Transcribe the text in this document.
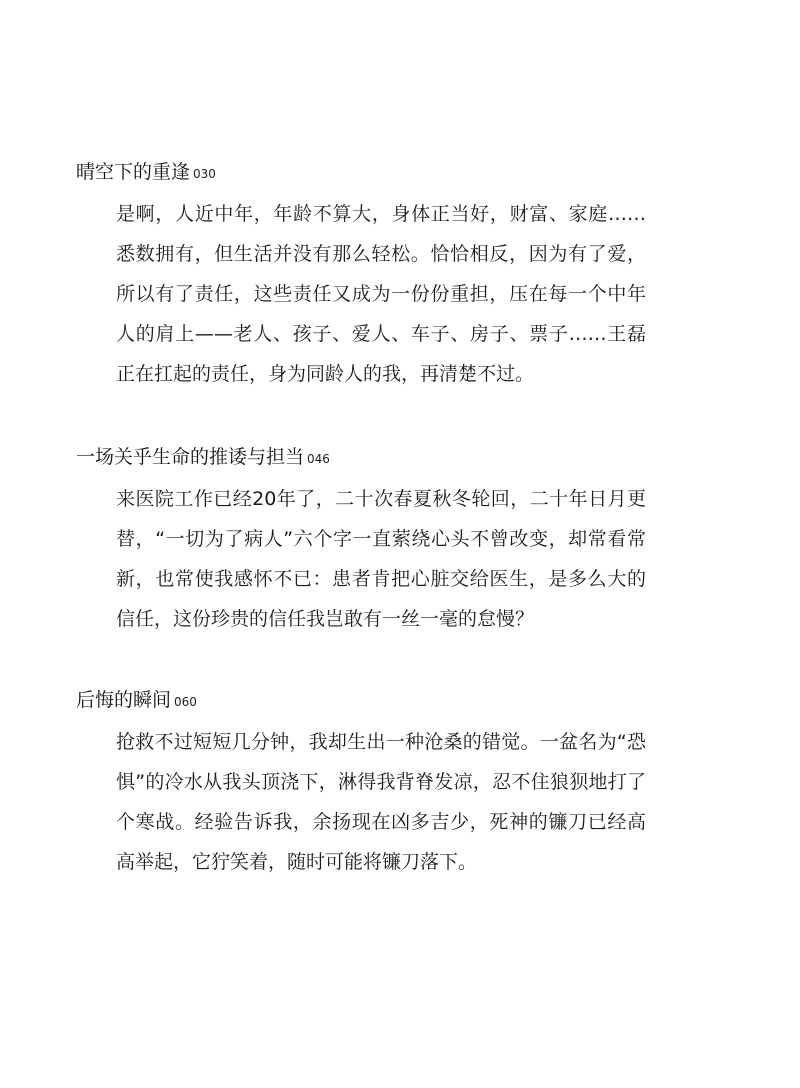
晴空下的重逢 030

是啊，人近中年，年龄不算大，身体正当好，财富、家庭……悉数拥有，但生活并没有那么轻松。恰恰相反，因为有了爱，所以有了责任，这些责任又成为一份份重担，压在每一个中年人的肩上——老人、孩子、爱人、车子、房子、票子……王磊正在扛起的责任，身为同龄人的我，再清楚不过。

一场关乎生命的推诿与担当 046

来医院工作已经20年了，二十次春夏秋冬轮回，二十年日月更替，“一切为了病人”六个字一直萦绕心头不曾改变，却常看常新，也常使我感怀不已：患者肯把心脏交给医生，是多么大的信任，这份珍贵的信任我岂敢有一丝一毫的怠慢？

后悔的瞬间 060

抢救不过短短几分钟，我却生出一种沧桑的错觉。一盆名为“恐惧”的冷水从我头顶浇下，淋得我背脊发凉，忍不住狼狈地打了个寒战。经验告诉我，余扬现在凶多吉少，死神的镰刀已经高高举起，它狞笑着，随时可能将镰刀落下。
